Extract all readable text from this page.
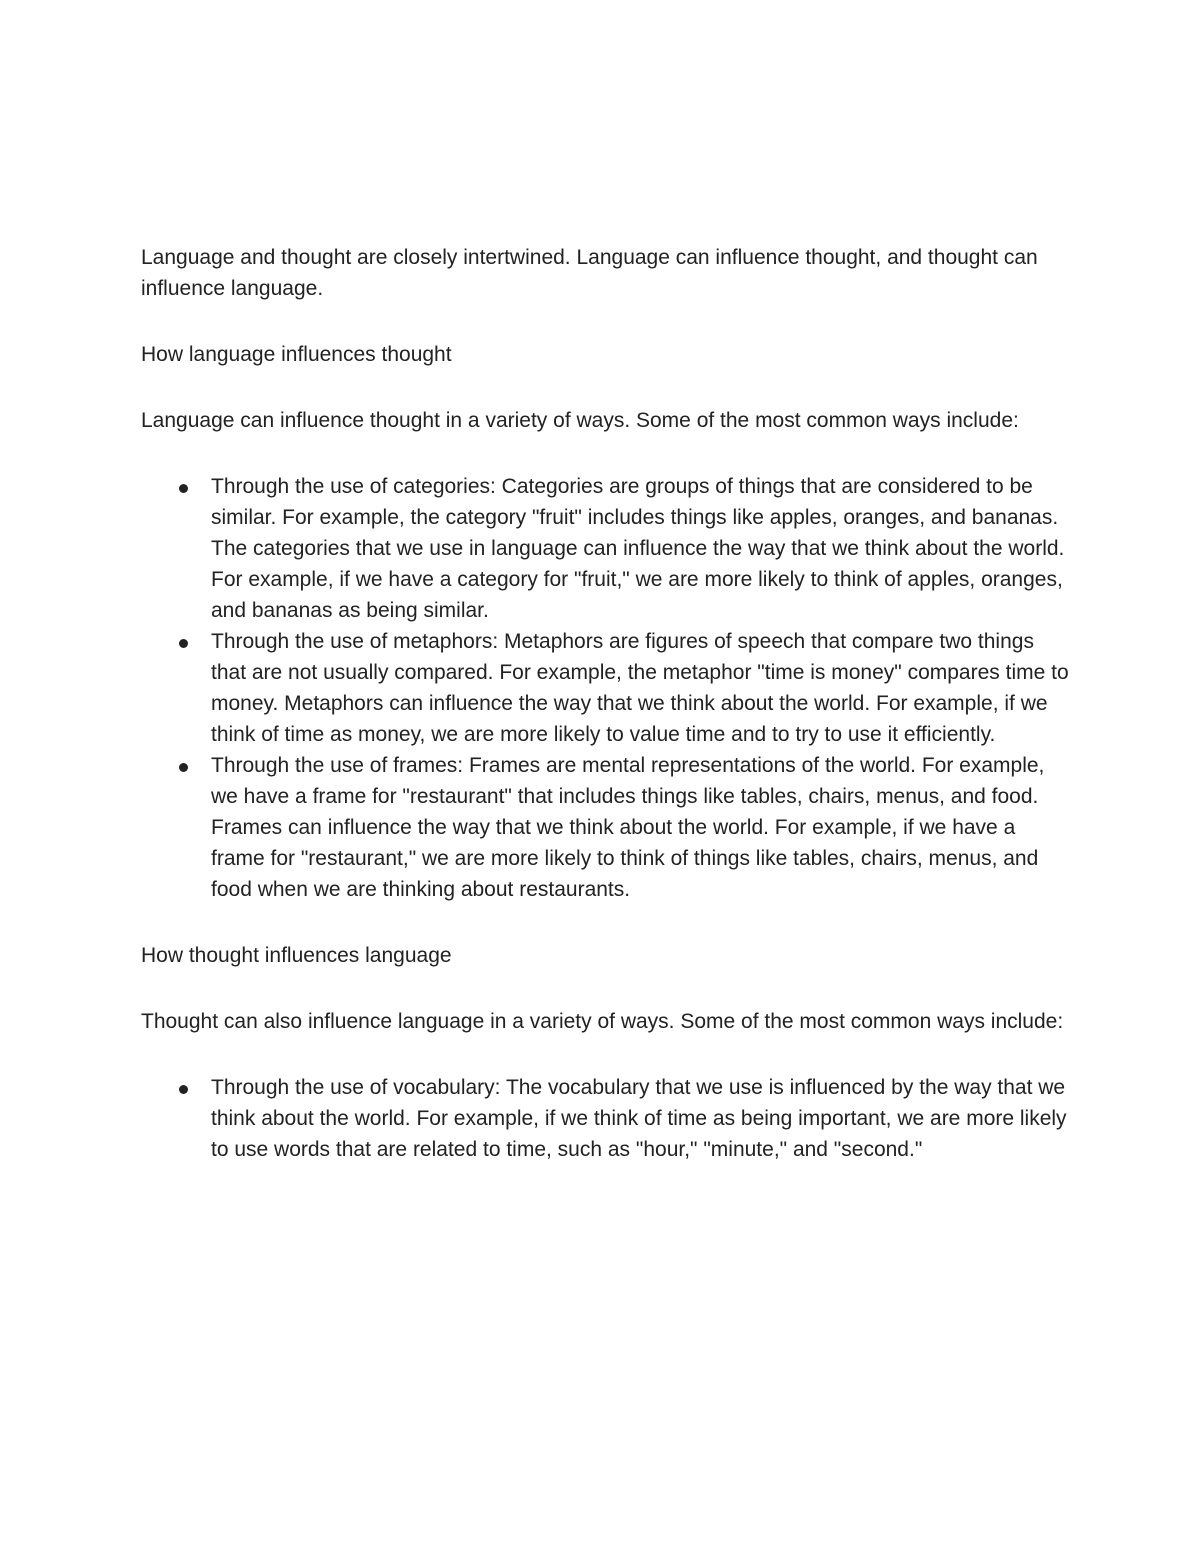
Language and thought are closely intertwined. Language can influence thought, and thought can influence language.

How language influences thought

Language can influence thought in a variety of ways. Some of the most common ways include:

Through the use of categories: Categories are groups of things that are considered to be similar. For example, the category "fruit" includes things like apples, oranges, and bananas. The categories that we use in language can influence the way that we think about the world. For example, if we have a category for "fruit," we are more likely to think of apples, oranges, and bananas as being similar.
Through the use of metaphors: Metaphors are figures of speech that compare two things that are not usually compared. For example, the metaphor "time is money" compares time to money. Metaphors can influence the way that we think about the world. For example, if we think of time as money, we are more likely to value time and to try to use it efficiently.
Through the use of frames: Frames are mental representations of the world. For example, we have a frame for "restaurant" that includes things like tables, chairs, menus, and food. Frames can influence the way that we think about the world. For example, if we have a frame for "restaurant," we are more likely to think of things like tables, chairs, menus, and food when we are thinking about restaurants.

How thought influences language

Thought can also influence language in a variety of ways. Some of the most common ways include:

Through the use of vocabulary: The vocabulary that we use is influenced by the way that we think about the world. For example, if we think of time as being important, we are more likely to use words that are related to time, such as "hour," "minute," and "second."
